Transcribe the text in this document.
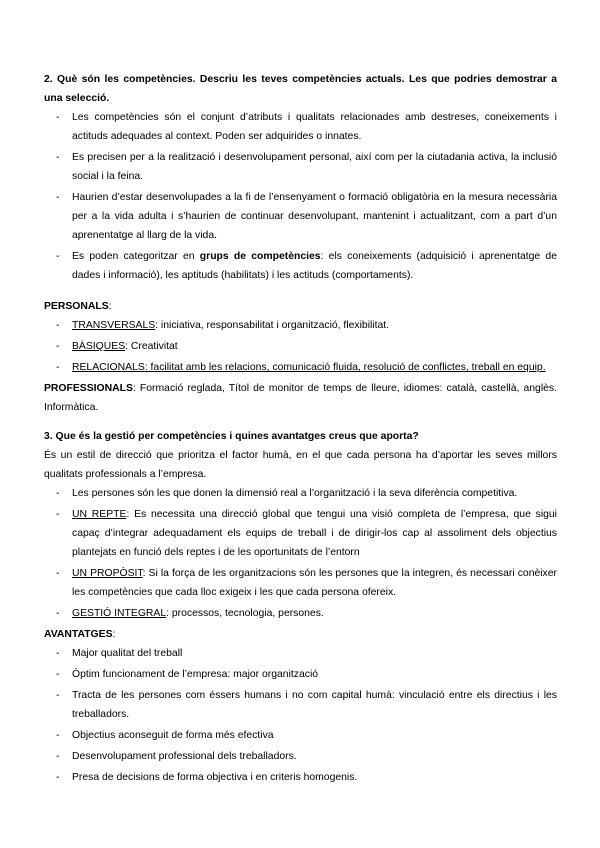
2. Què són les competències. Descriu les teves competències actuals. Les que podries demostrar a una selecció.

- Les competències són el conjunt d’atributs i qualitats relacionades amb destreses, coneixements i actituds adequades al context. Poden ser adquirides o innates.
- Es precisen per a la realització i desenvolupament personal, així com per la ciutadania activa, la inclusió social i la feina.
- Haurien d’estar desenvolupades a la fi de l’ensenyament o formació obligatòria en la mesura necessària per a la vida adulta i s’haurien de continuar desenvolupant, mantenint i actualitzant, com a part d’un aprenentatge al llarg de la vida.
- Es poden categoritzar en grups de competències: els coneixements (adquisició i aprenentatge de dades i informació), les aptituds (habilitats) i les actituds (comportaments).

PERSONALS:

- TRANSVERSALS: iniciativa, responsabilitat i organització, flexibilitat.
- BÀSIQUES: Creativitat
- RELACIONALS: facilitat amb les relacions, comunicació fluida, resolució de conflictes, treball en equip.

PROFESSIONALS: Formació reglada, Títol de monitor de temps de lleure, idiomes: català, castellà, anglès. Informàtica.

3. Que és la gestió per competències i quines avantatges creus que aporta?

És un estil de direcció que prioritza el factor humà, en el que cada persona ha d’aportar les seves millors qualitats professionals a l’empresa.

- Les persones són les que donen la dimensió real a l’organització i la seva diferència competitiva.
- UN REPTE: Es necessita una direcció global que tengui una visió completa de l’empresa, que sigui capaç d’integrar adequadament els equips de treball i de dirigir-los cap al assoliment dels objectius plantejats en funció dels reptes i de les oportunitats de l’entorn
- UN PROPÒSIT: Si la força de les organitzacions són les persones que la integren, és necessari conèixer les competències que cada lloc exigeix i les que cada persona ofereix.
- GESTIÓ INTEGRAL: processos, tecnologia, persones.

AVANTATGES:

- Major qualitat del treball
- Òptim funcionament de l’empresa: major organització
- Tracta de les persones com éssers humans i no com capital humà: vinculació entre els directius i les treballadors.
- Objectius aconseguit de forma més efectiva
- Desenvolupament professional dels treballadors.
- Presa de decisions de forma objectiva i en criteris homogenis.
